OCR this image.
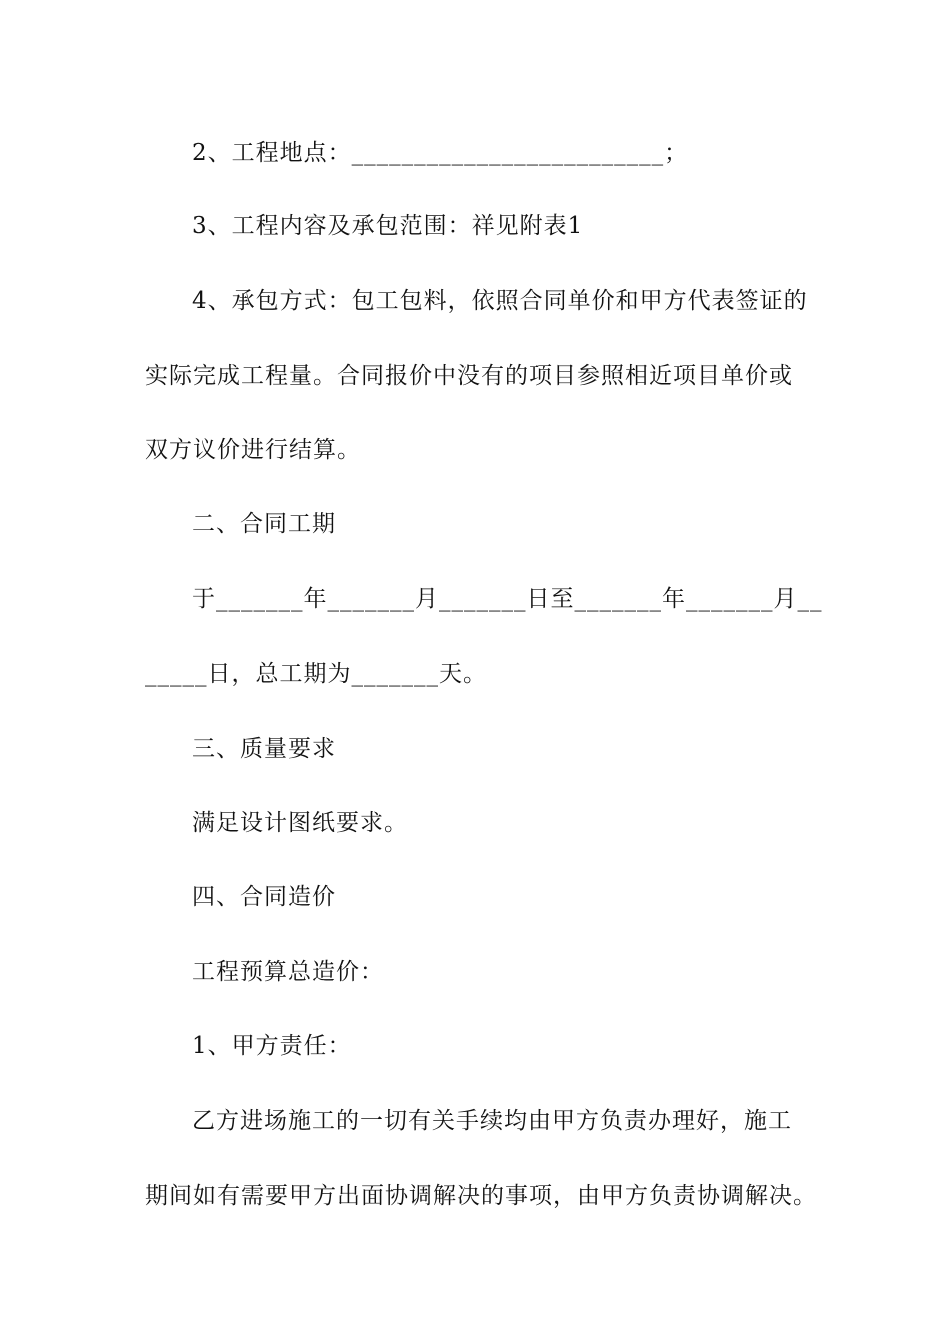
2、工程地点：_________________________；
3、工程内容及承包范围：祥见附表1
4、承包方式：包工包料，依照合同单价和甲方代表签证的
实际完成工程量。合同报价中没有的项目参照相近项目单价或
双方议价进行结算。
二、合同工期
于_______年_______月_______日至_______年_______月__
_____日，总工期为_______天。
三、质量要求
满足设计图纸要求。
四、合同造价
工程预算总造价：
1、甲方责任：
乙方进场施工的一切有关手续均由甲方负责办理好，施工
期间如有需要甲方出面协调解决的事项，由甲方负责协调解决。
